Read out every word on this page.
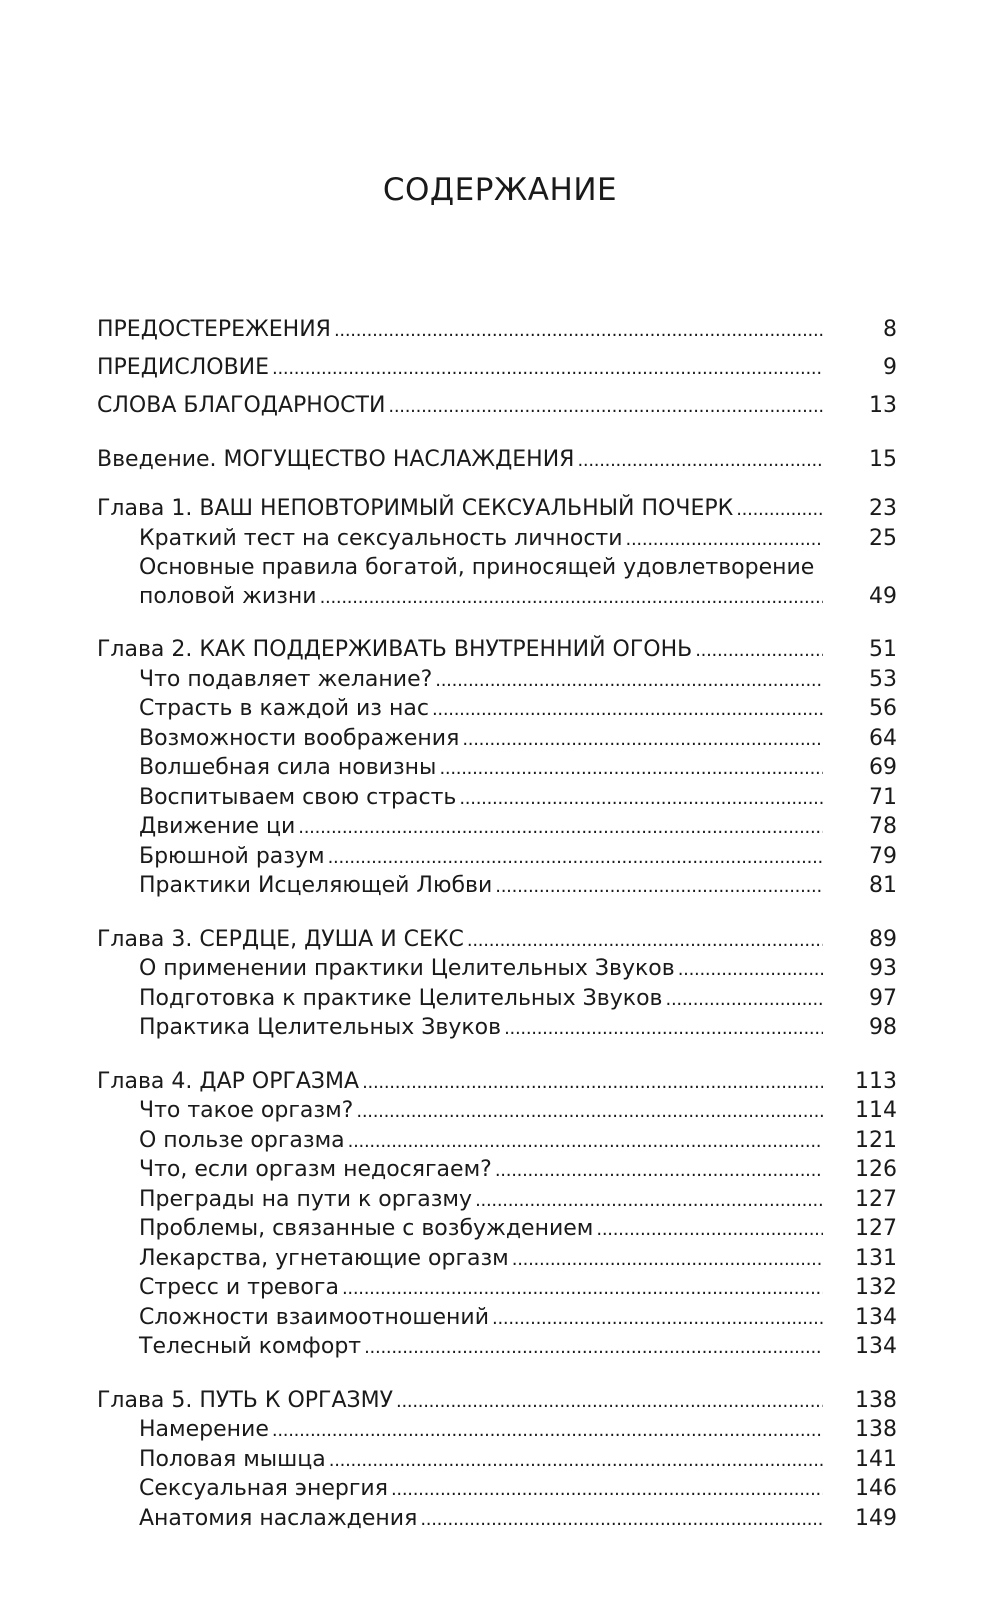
СОДЕРЖАНИЕ
ПРЕДОСТЕРЕЖЕНИЯ . . .	8
ПРЕДИСЛОВИЕ . . .	9
СЛОВА БЛАГОДАРНОСТИ . . .	13
Введение. МОГУЩЕСТВО НАСЛАЖДЕНИЯ . . .	15
Глава 1. ВАШ НЕПОВТОРИМЫЙ СЕКСУАЛЬНЫЙ ПОЧЕРК . . .	23
Краткий тест на сексуальность личности . . .	25
Основные правила богатой, приносящей удовлетворение
половой жизни . . .	49
Глава 2. КАК ПОДДЕРЖИВАТЬ ВНУТРЕННИЙ ОГОНЬ . . .	51
Что подавляет желание? . . .	53
Страсть в каждой из нас . . .	56
Возможности воображения . . .	64
Волшебная сила новизны . . .	69
Воспитываем свою страсть . . .	71
Движение ци . . .	78
Брюшной разум . . .	79
Практики Исцеляющей Любви . . .	81
Глава 3. СЕРДЦЕ, ДУША И СЕКС . . .	89
О применении практики Целительных Звуков . . .	93
Подготовка к практике Целительных Звуков . . .	97
Практика Целительных Звуков . . .	98
Глава 4. ДАР ОРГАЗМА . . .	113
Что такое оргазм? . . .	114
О пользе оргазма . . .	121
Что, если оргазм недосягаем? . . .	126
Преграды на пути к оргазму . . .	127
Проблемы, связанные с возбуждением . . .	127
Лекарства, угнетающие оргазм . . .	131
Стресс и тревога . . .	132
Сложности взаимоотношений . . .	134
Телесный комфорт . . .	134
Глава 5. ПУТЬ К ОРГАЗМУ . . .	138
Намерение . . .	138
Половая мышца . . .	141
Сексуальная энергия . . .	146
Анатомия наслаждения . . .	149
